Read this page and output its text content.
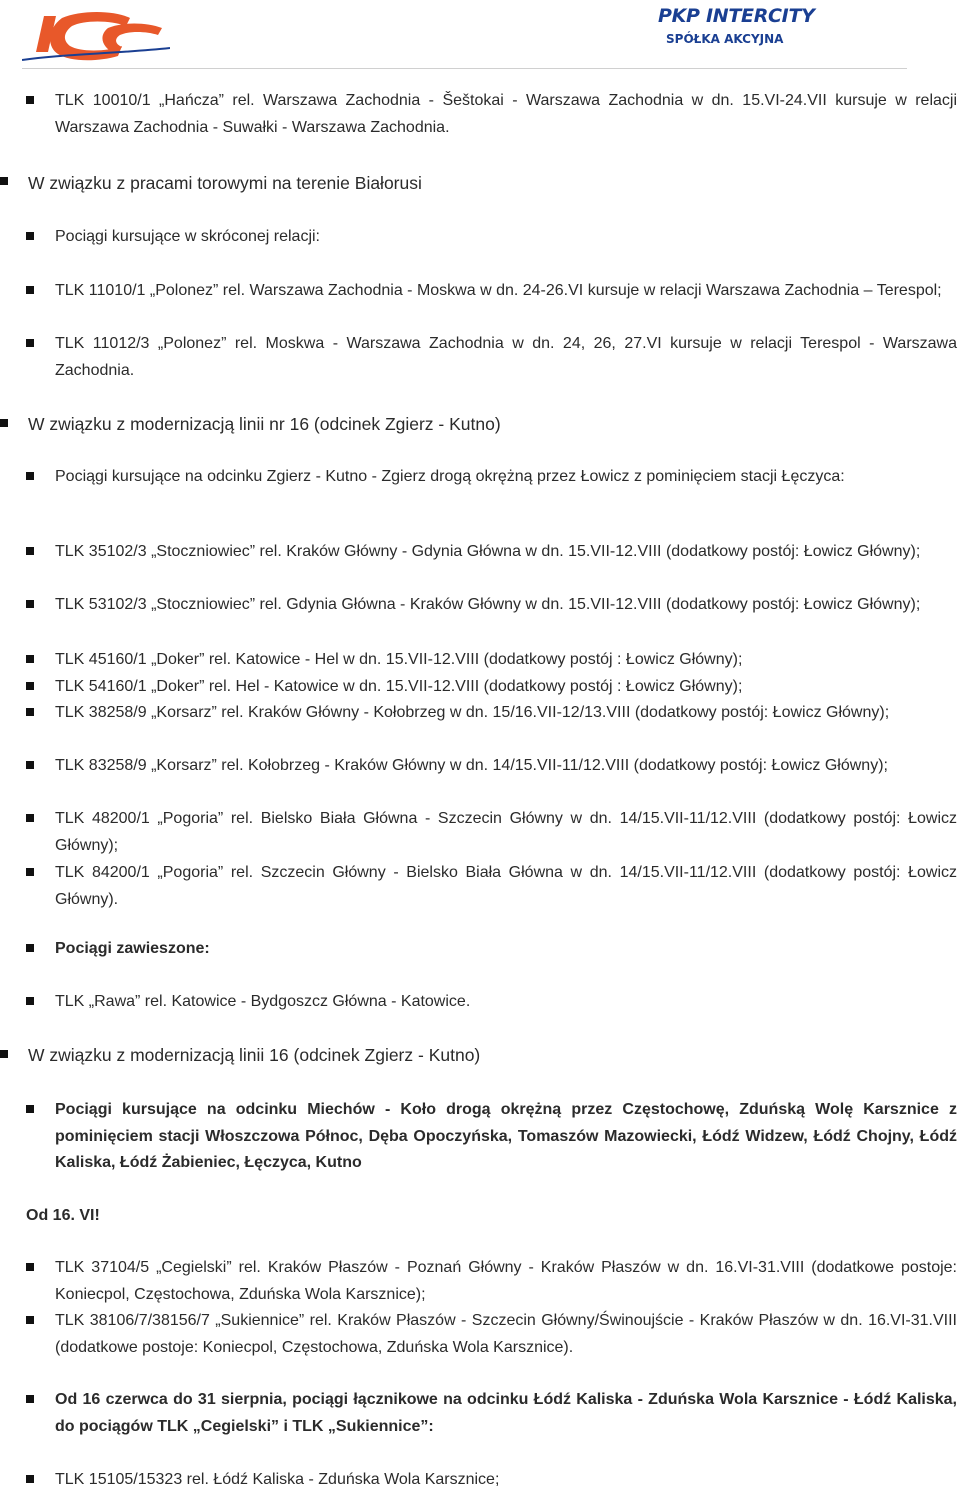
PKP INTERCITY
SPÓŁKA AKCYJNA
TLK 10010/1 „Hańcza” rel. Warszawa Zachodnia - Šeštokai - Warszawa Zachodnia w dn. 15.VI-24.VII kursuje w relacji Warszawa Zachodnia - Suwałki - Warszawa Zachodnia.
W związku z pracami torowymi na terenie Białorusi
Pociągi kursujące w skróconej relacji:
TLK 11010/1 „Polonez” rel. Warszawa Zachodnia - Moskwa w dn. 24-26.VI kursuje w relacji Warszawa Zachodnia – Terespol;
TLK 11012/3 „Polonez” rel. Moskwa - Warszawa Zachodnia w dn. 24, 26, 27.VI kursuje w relacji Terespol - Warszawa Zachodnia.
W związku z modernizacją linii nr 16 (odcinek Zgierz - Kutno)
Pociągi kursujące na odcinku Zgierz - Kutno - Zgierz drogą okrężną przez Łowicz z pominięciem stacji Łęczyca:
TLK 35102/3 „Stoczniowiec” rel. Kraków Główny - Gdynia Główna w dn. 15.VII-12.VIII (dodatkowy postój: Łowicz Główny);
TLK 53102/3 „Stoczniowiec” rel. Gdynia Główna - Kraków Główny w dn. 15.VII-12.VIII (dodatkowy postój: Łowicz Główny);
TLK 45160/1 „Doker” rel. Katowice - Hel w dn. 15.VII-12.VIII (dodatkowy postój : Łowicz Główny);
TLK 54160/1 „Doker” rel. Hel - Katowice w dn. 15.VII-12.VIII (dodatkowy postój : Łowicz Główny);
TLK 38258/9 „Korsarz” rel. Kraków Główny - Kołobrzeg w dn. 15/16.VII-12/13.VIII (dodatkowy postój: Łowicz Główny);
TLK 83258/9 „Korsarz” rel. Kołobrzeg - Kraków Główny w dn. 14/15.VII-11/12.VIII (dodatkowy postój: Łowicz Główny);
TLK 48200/1 „Pogoria” rel. Bielsko Biała Główna - Szczecin Główny w dn. 14/15.VII-11/12.VIII (dodatkowy postój: Łowicz Główny);
TLK 84200/1 „Pogoria” rel. Szczecin Główny - Bielsko Biała Główna w dn. 14/15.VII-11/12.VIII (dodatkowy postój: Łowicz Główny).
Pociągi zawieszone:
TLK „Rawa” rel. Katowice - Bydgoszcz Główna - Katowice.
W związku z modernizacją linii 16 (odcinek Zgierz - Kutno)
Pociągi kursujące na odcinku Miechów - Koło drogą okrężną przez Częstochowę, Zduńską Wolę Karsznice z pominięciem stacji Włoszczowa Północ, Dęba Opoczyńska, Tomaszów Mazowiecki, Łódź Widzew, Łódź Chojny, Łódź Kaliska, Łódź Żabieniec, Łęczyca, Kutno
Od 16. VI!
TLK 37104/5 „Cegielski” rel. Kraków Płaszów - Poznań Główny - Kraków Płaszów w dn. 16.VI-31.VIII (dodatkowe postoje: Koniecpol, Częstochowa, Zduńska Wola Karsznice);
TLK 38106/7/38156/7 „Sukiennice” rel. Kraków Płaszów - Szczecin Główny/Świnoujście - Kraków Płaszów w dn. 16.VI-31.VIII (dodatkowe postoje: Koniecpol, Częstochowa, Zduńska Wola Karsznice).
Od 16 czerwca do 31 sierpnia, pociągi łącznikowe na odcinku Łódź Kaliska - Zduńska Wola Karsznice - Łódź Kaliska, do pociągów TLK „Cegielski” i TLK „Sukiennice”:
TLK 15105/15323 rel. Łódź Kaliska - Zduńska Wola Karsznice;
